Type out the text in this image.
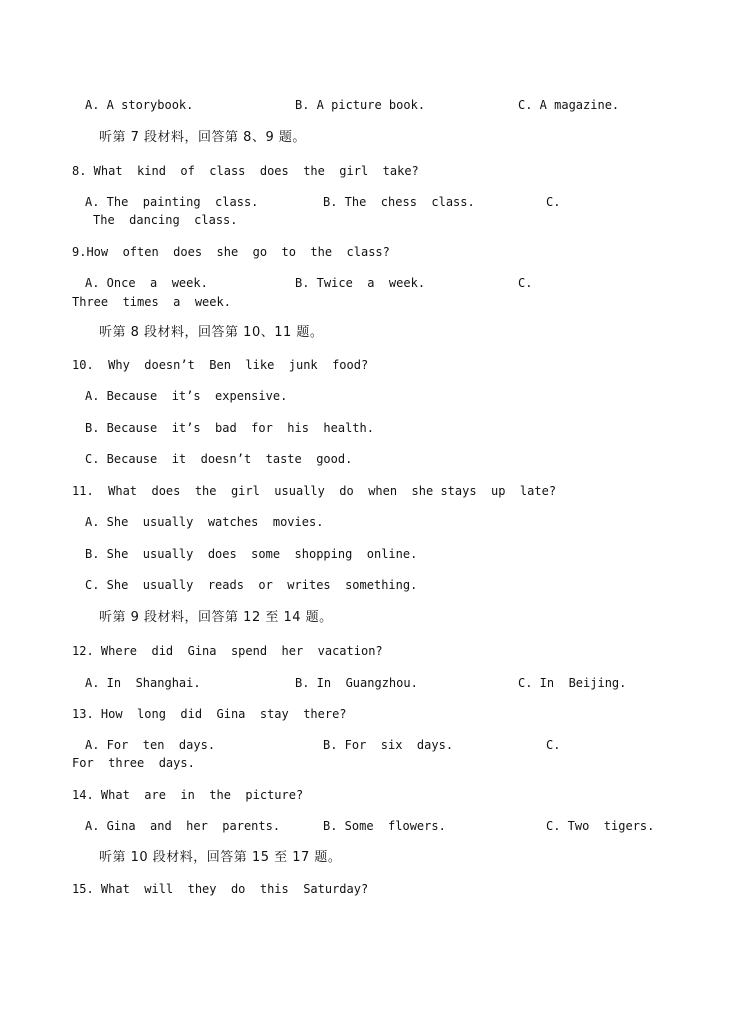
A. A storybook.	B. A picture book.	C. A magazine.

听第 7 段材料，回答第 8、9 题。

8. What  kind  of  class  does  the  girl  take?

A. The  painting  class.	B. The  chess  class.	C.

The  dancing  class.

9.How  often  does  she  go  to  the  class?

A. Once  a  week.	B. Twice  a  week.	C.

Three  times  a  week.

听第 8 段材料，回答第 10、11 题。

10.  Why  doesn’t  Ben  like  junk  food?

A. Because  it’s  expensive.

B. Because  it’s  bad  for  his  health.

C. Because  it  doesn’t  taste  good.

11.  What  does  the  girl  usually  do  when  she stays  up  late?

A. She  usually  watches  movies.

B. She  usually  does  some  shopping  online.

C. She  usually  reads  or  writes  something.

听第 9 段材料，回答第 12 至 14 题。

12. Where  did  Gina  spend  her  vacation?

A. In  Shanghai.	B. In  Guangzhou.	C. In  Beijing.

13. How  long  did  Gina  stay  there?

A. For  ten  days.	B. For  six  days.	C.

For  three  days.

14. What  are  in  the  picture?

A. Gina  and  her  parents.	B. Some  flowers.	C. Two  tigers.

听第 10 段材料，回答第 15 至 17 题。

15. What  will  they  do  this  Saturday?
